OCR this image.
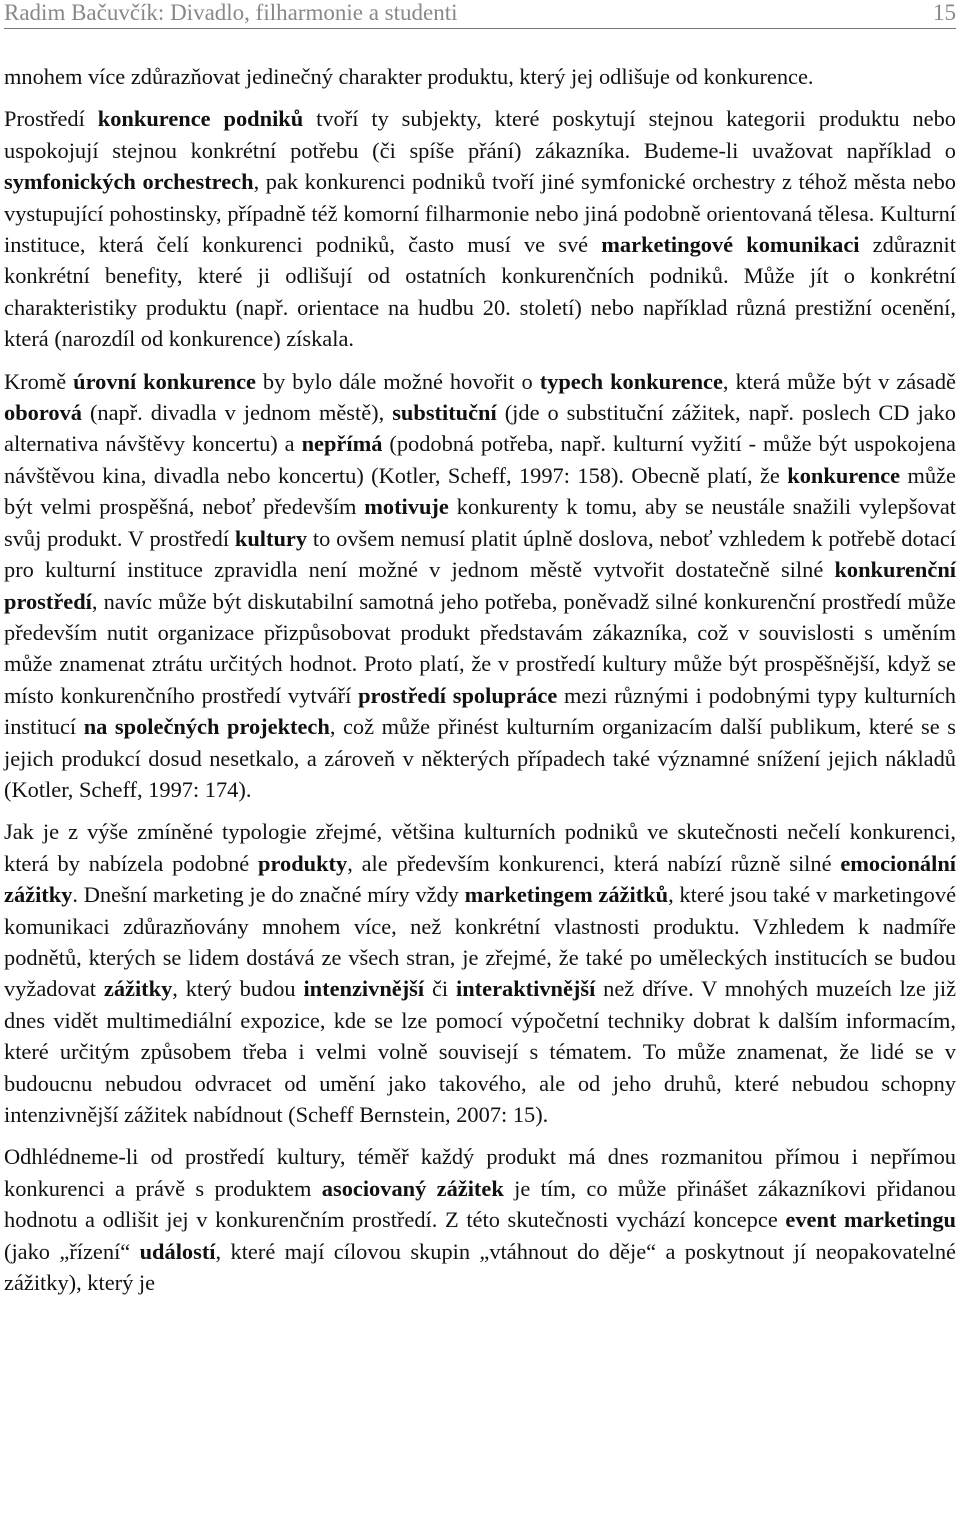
Radim Bačuvčík: Divadlo, filharmonie a studenti	15

mnohem více zdůrazňovat jedinečný charakter produktu, který jej odlišuje od konkurence.

Prostředí konkurence podniků tvoří ty subjekty, které poskytují stejnou kategorii produktu nebo uspokojují stejnou konkrétní potřebu (či spíše přání) zákazníka. Budeme-li uvažovat například o symfonických orchestrech, pak konkurenci podniků tvoří jiné symfonické orchestry z téhož města nebo vystupující pohostinsky, případně též komorní filharmonie nebo jiná podobně orientovaná tělesa. Kulturní instituce, která čelí konkurenci podniků, často musí ve své marketingové komunikaci zdůraznit konkrétní benefity, které ji odlišují od ostatních konkurenčních podniků. Může jít o konkrétní charakteristiky produktu (např. orientace na hudbu 20. století) nebo například různá prestižní ocenění, která (narozdíl od konkurence) získala.

Kromě úrovní konkurence by bylo dále možné hovořit o typech konkurence, která může být v zásadě oborová (např. divadla v jednom městě), substituční (jde o substituční zážitek, např. poslech CD jako alternativa návštěvy koncertu) a nepřímá (podobná potřeba, např. kulturní vyžití - může být uspokojena návštěvou kina, divadla nebo koncertu) (Kotler, Scheff, 1997: 158). Obecně platí, že konkurence může být velmi prospěšná, neboť především motivuje konkurenty k tomu, aby se neustále snažili vylepšovat svůj produkt. V prostředí kultury to ovšem nemusí platit úplně doslova, neboť vzhledem k potřebě dotací pro kulturní instituce zpravidla není možné v jednom městě vytvořit dostatečně silné konkurenční prostředí, navíc může být diskutabilní samotná jeho potřeba, poněvadž silné konkurenční prostředí může především nutit organizace přizpůsobovat produkt představám zákazníka, což v souvislosti s uměním může znamenat ztrátu určitých hodnot. Proto platí, že v prostředí kultury může být prospěšnější, když se místo konkurenčního prostředí vytváří prostředí spolupráce mezi různými i podobnými typy kulturních institucí na společných projektech, což může přinést kulturním organizacím další publikum, které se s jejich produkcí dosud nesetkalo, a zároveň v některých případech také významné snížení jejich nákladů (Kotler, Scheff, 1997: 174).

Jak je z výše zmíněné typologie zřejmé, většina kulturních podniků ve skutečnosti nečelí konkurenci, která by nabízela podobné produkty, ale především konkurenci, která nabízí různě silné emocionální zážitky. Dnešní marketing je do značné míry vždy marketingem zážitků, které jsou také v marketingové komunikaci zdůrazňovány mnohem více, než konkrétní vlastnosti produktu. Vzhledem k nadmíře podnětů, kterých se lidem dostává ze všech stran, je zřejmé, že také po uměleckých institucích se budou vyžadovat zážitky, který budou intenzivnější či interaktivnější než dříve. V mnohých muzeích lze již dnes vidět multimediální expozice, kde se lze pomocí výpočetní techniky dobrat k dalším informacím, které určitým způsobem třeba i velmi volně souvisejí s tématem. To může znamenat, že lidé se v budoucnu nebudou odvracet od umění jako takového, ale od jeho druhů, které nebudou schopny intenzivnější zážitek nabídnout (Scheff Bernstein, 2007: 15).

Odhlédneme-li od prostředí kultury, téměř každý produkt má dnes rozmanitou přímou i nepřímou konkurenci a právě s produktem asociovaný zážitek je tím, co může přinášet zákazníkovi přidanou hodnotu a odlišit jej v konkurenčním prostředí. Z této skutečnosti vychází koncepce event marketingu (jako „řízení“ událostí, které mají cílovou skupin „vtáhnout do děje“ a poskytnout jí neopakovatelné zážitky), který je
